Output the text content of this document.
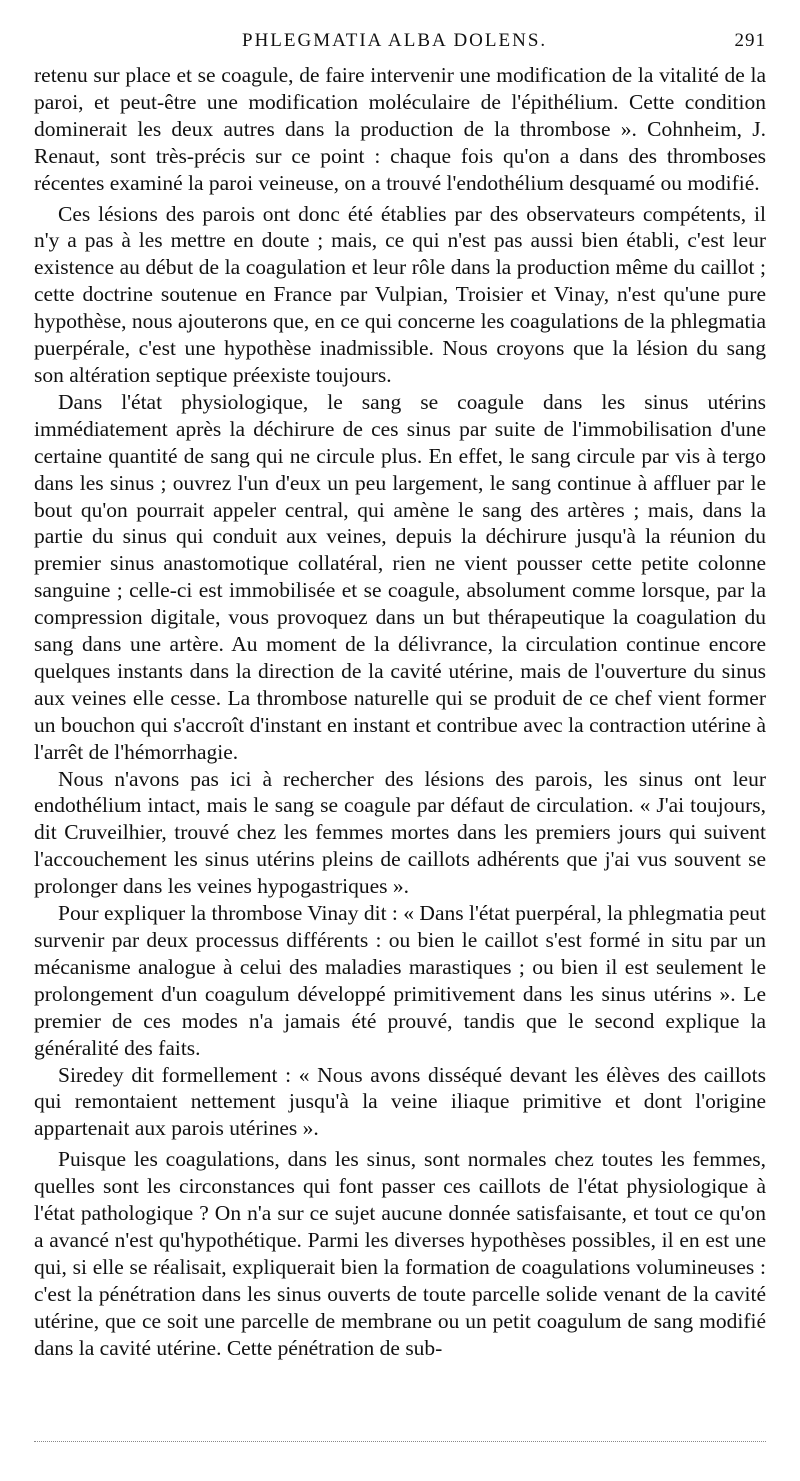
PHLEGMATIA ALBA DOLENS.	291

retenu sur place et se coagule, de faire intervenir une modification de la vitalité de la paroi, et peut-être une modification moléculaire de l'épithélium. Cette condition dominerait les deux autres dans la production de la thrombose ». Cohnheim, J. Renaut, sont très-précis sur ce point : chaque fois qu'on a dans des thromboses récentes examiné la paroi veineuse, on a trouvé l'endothélium desquamé ou modifié.

Ces lésions des parois ont donc été établies par des observateurs compétents, il n'y a pas à les mettre en doute ; mais, ce qui n'est pas aussi bien établi, c'est leur existence au début de la coagulation et leur rôle dans la production même du caillot ; cette doctrine soutenue en France par Vulpian, Troisier et Vinay, n'est qu'une pure hypothèse, nous ajouterons que, en ce qui concerne les coagulations de la phlegmatia puerpérale, c'est une hypothèse inadmissible. Nous croyons que la lésion du sang son altération septique préexiste toujours.

Dans l'état physiologique, le sang se coagule dans les sinus utérins immédiatement après la déchirure de ces sinus par suite de l'immobilisation d'une certaine quantité de sang qui ne circule plus. En effet, le sang circule par vis à tergo dans les sinus ; ouvrez l'un d'eux un peu largement, le sang continue à affluer par le bout qu'on pourrait appeler central, qui amène le sang des artères ; mais, dans la partie du sinus qui conduit aux veines, depuis la déchirure jusqu'à la réunion du premier sinus anastomotique collatéral, rien ne vient pousser cette petite colonne sanguine ; celle-ci est immobilisée et se coagule, absolument comme lorsque, par la compression digitale, vous provoquez dans un but thérapeutique la coagulation du sang dans une artère. Au moment de la délivrance, la circulation continue encore quelques instants dans la direction de la cavité utérine, mais de l'ouverture du sinus aux veines elle cesse. La thrombose naturelle qui se produit de ce chef vient former un bouchon qui s'accroît d'instant en instant et contribue avec la contraction utérine à l'arrêt de l'hémorrhagie.

Nous n'avons pas ici à rechercher des lésions des parois, les sinus ont leur endothélium intact, mais le sang se coagule par défaut de circulation. « J'ai toujours, dit Cruveilhier, trouvé chez les femmes mortes dans les premiers jours qui suivent l'accouchement les sinus utérins pleins de caillots adhérents que j'ai vus souvent se prolonger dans les veines hypogastriques ».

Pour expliquer la thrombose Vinay dit : « Dans l'état puerpéral, la phlegmatia peut survenir par deux processus différents : ou bien le caillot s'est formé in situ par un mécanisme analogue à celui des maladies marastiques ; ou bien il est seulement le prolongement d'un coagulum développé primitivement dans les sinus utérins ». Le premier de ces modes n'a jamais été prouvé, tandis que le second explique la généralité des faits.

Siredey dit formellement : « Nous avons disséqué devant les élèves des caillots qui remontaient nettement jusqu'à la veine iliaque primitive et dont l'origine appartenait aux parois utérines ».

Puisque les coagulations, dans les sinus, sont normales chez toutes les femmes, quelles sont les circonstances qui font passer ces caillots de l'état physiologique à l'état pathologique ? On n'a sur ce sujet aucune donnée satisfaisante, et tout ce qu'on a avancé n'est qu'hypothétique. Parmi les diverses hypothèses possibles, il en est une qui, si elle se réalisait, expliquerait bien la formation de coagulations volumineuses : c'est la pénétration dans les sinus ouverts de toute parcelle solide venant de la cavité utérine, que ce soit une parcelle de membrane ou un petit coagulum de sang modifié dans la cavité utérine. Cette pénétration de sub-
